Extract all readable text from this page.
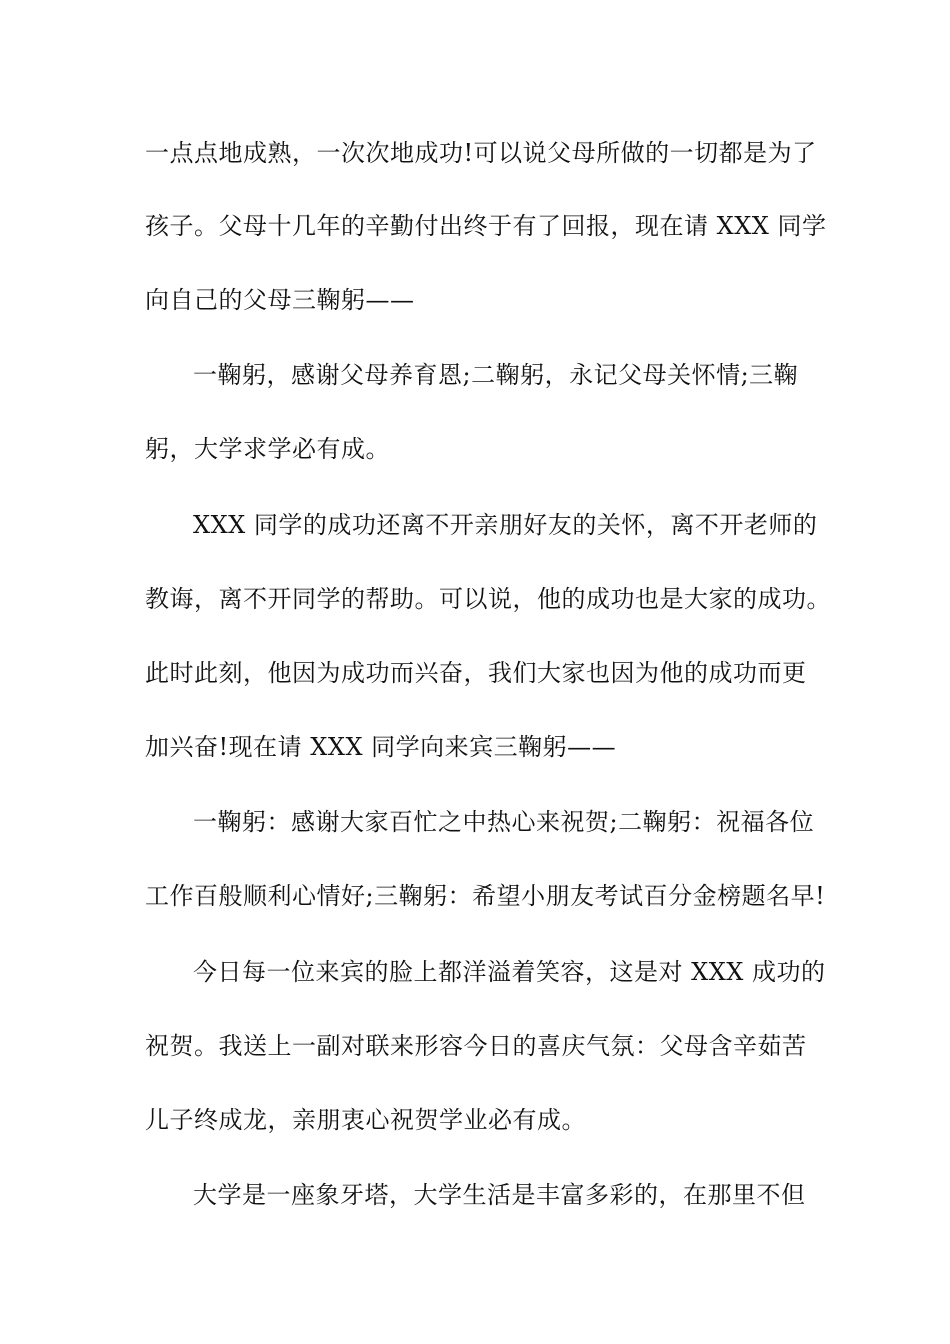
一点点地成熟，一次次地成功!可以说父母所做的一切都是为了
孩子。父母十几年的辛勤付出终于有了回报，现在请 XXX 同学
向自己的父母三鞠躬——
一鞠躬，感谢父母养育恩;二鞠躬，永记父母关怀情;三鞠
躬，大学求学必有成。
XXX 同学的成功还离不开亲朋好友的关怀，离不开老师的
教诲，离不开同学的帮助。可以说，他的成功也是大家的成功。
此时此刻，他因为成功而兴奋，我们大家也因为他的成功而更
加兴奋!现在请 XXX 同学向来宾三鞠躬——
一鞠躬：感谢大家百忙之中热心来祝贺;二鞠躬：祝福各位
工作百般顺利心情好;三鞠躬：希望小朋友考试百分金榜题名早!
今日每一位来宾的脸上都洋溢着笑容，这是对 XXX 成功的
祝贺。我送上一副对联来形容今日的喜庆气氛：父母含辛茹苦
儿子终成龙，亲朋衷心祝贺学业必有成。
大学是一座象牙塔，大学生活是丰富多彩的，在那里不但
